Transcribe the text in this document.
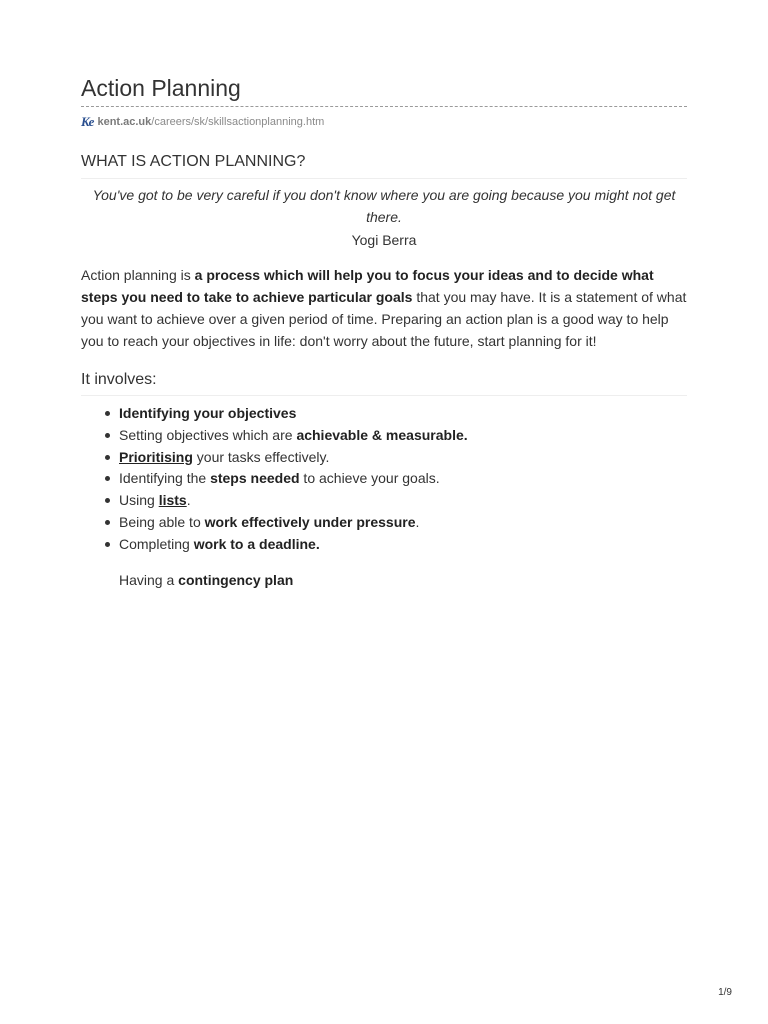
Action Planning
Ke kent.ac.uk /careers/sk/skillsactionplanning.htm
WHAT IS ACTION PLANNING?

You've got to be very careful if you don't know where you are going because you might not get there.

Yogi Berra

Action planning is a process which will help you to focus your ideas and to decide what steps you need to take to achieve particular goals that you may have. It is a statement of what you want to achieve over a given period of time. Preparing an action plan is a good way to help you to reach your objectives in life: don't worry about the future, start planning for it!

It involves:
Identifying your objectives
Setting objectives which are achievable & measurable.
Prioritising your tasks effectively.
Identifying the steps needed to achieve your goals.
Using lists.
Being able to work effectively under pressure.
Completing work to a deadline.

Having a contingency plan

1/9
